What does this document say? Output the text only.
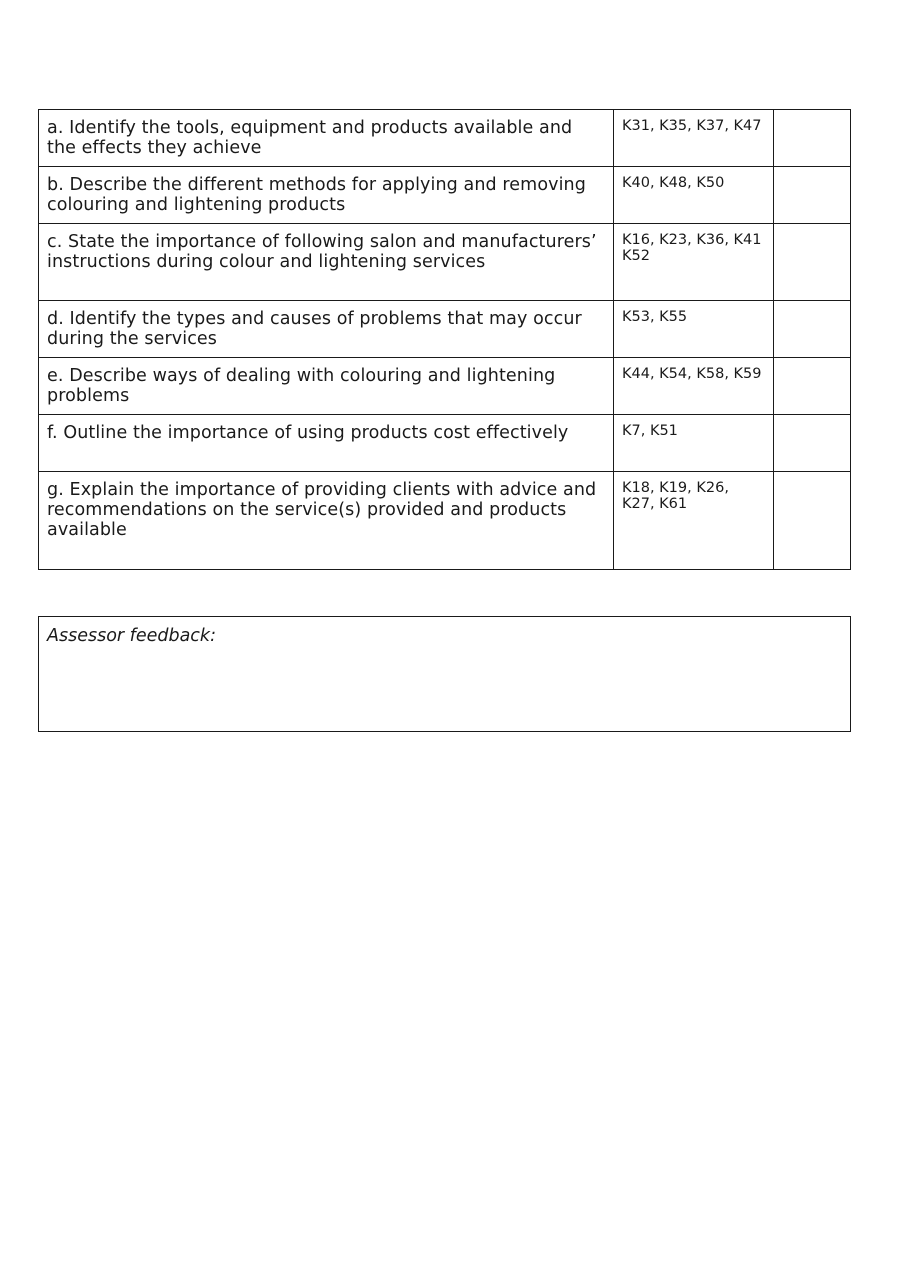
a. Identify the tools, equipment and products available and the effects they achieve	K31, K35, K37, K47	

b. Describe the different methods for applying and removing colouring and lightening products	K40, K48, K50	

c. State the importance of following salon and manufacturers’ instructions during colour and lightening services	K16, K23, K36, K41 K52	

d. Identify the types and causes of problems that may occur during the services	K53, K55	

e. Describe ways of dealing with colouring and lightening problems	K44, K54, K58, K59	

f. Outline the importance of using products cost effectively	K7, K51	

g. Explain the importance of providing clients with advice and recommendations on the service(s) provided and products available	K18, K19, K26, K27, K61	

Assessor feedback:
